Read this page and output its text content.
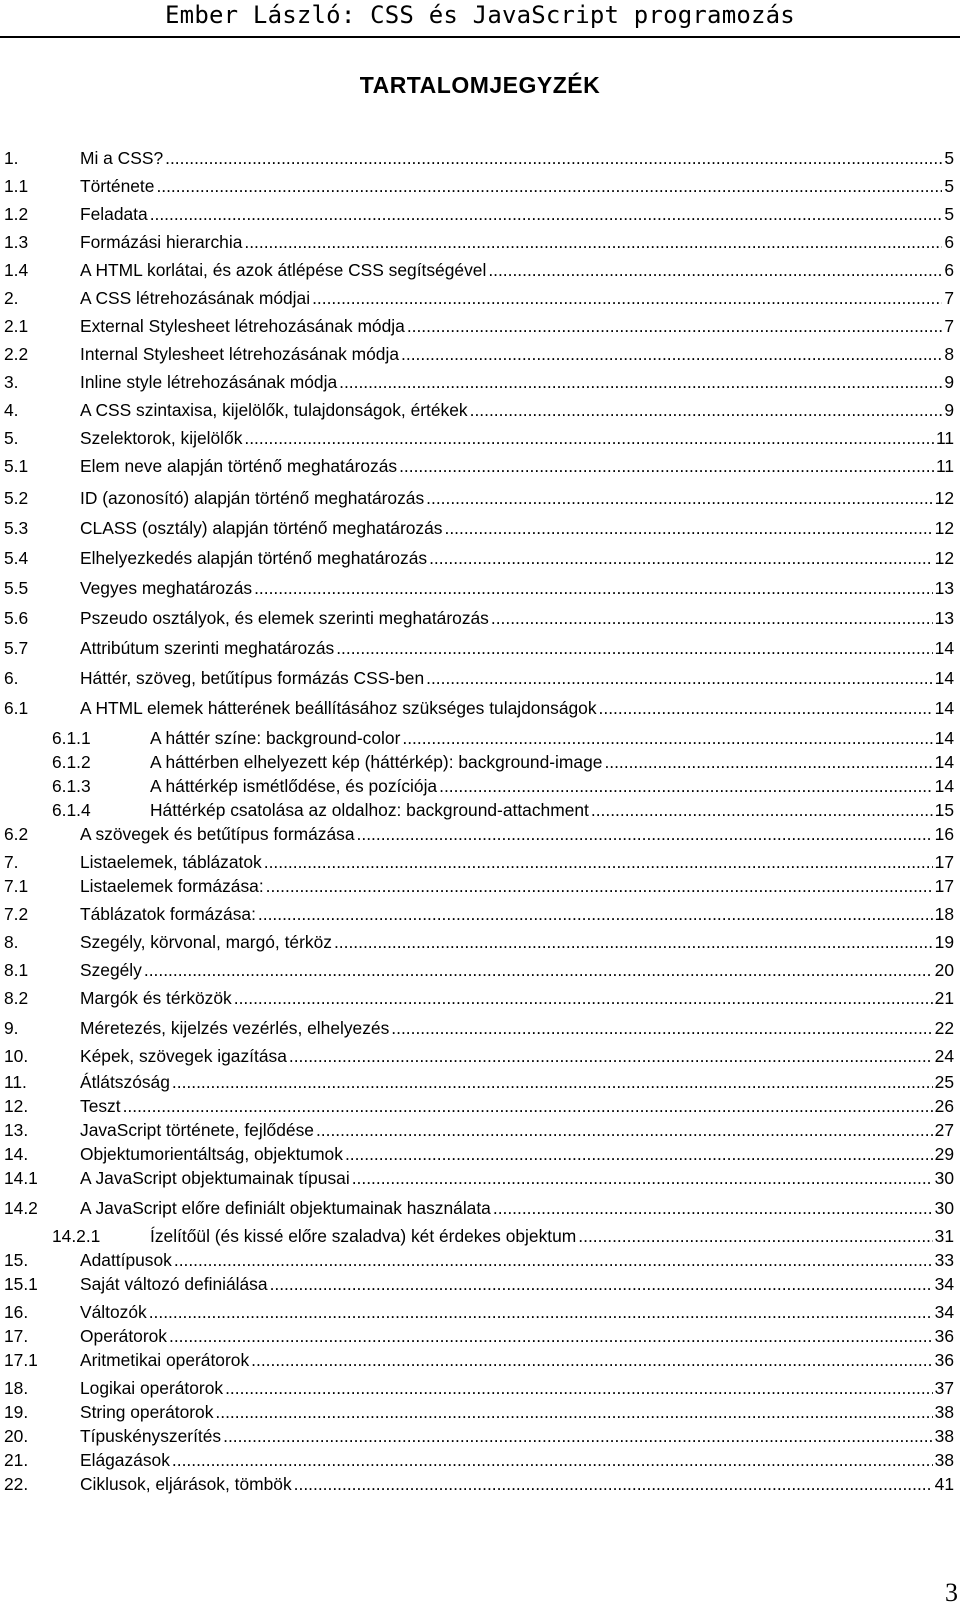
Ember László: CSS és JavaScript programozás
TARTALOMJEGYZÉK
1.	Mi a CSS? .....	5
1.1	Története .....	5
1.2	Feladata .....	5
1.3	Formázási hierarchia .....	6
1.4	A HTML korlátai, és azok átlépése CSS segítségével .....	6
2.	A CSS létrehozásának módjai .....	7
2.1	External Stylesheet létrehozásának módja .....	7
2.2	Internal Stylesheet létrehozásának módja .....	8
3.	Inline style létrehozásának módja .....	9
4.	A CSS szintaxisa, kijelölők, tulajdonságok, értékek .....	9
5.	Szelektorok, kijelölők .....	11
5.1	Elem neve alapján történő meghatározás .....	11
5.2	ID (azonosító) alapján történő meghatározás .....	12
5.3	CLASS (osztály) alapján történő meghatározás .....	12
5.4	Elhelyezkedés alapján történő meghatározás .....	12
5.5	Vegyes meghatározás .....	13
5.6	Pszeudo osztályok, és elemek szerinti meghatározás .....	13
5.7	Attribútum szerinti meghatározás .....	14
6.	Háttér, szöveg, betűtípus formázás CSS-ben .....	14
6.1	A HTML elemek hátterének beállításához szükséges tulajdonságok .....	14
6.1.1	A háttér színe: background-color .....	14
6.1.2	A háttérben elhelyezett kép (háttérkép): background-image .....	14
6.1.3	A háttérkép ismétlődése, és pozíciója .....	14
6.1.4	Háttérkép csatolása az oldalhoz: background-attachment .....	15
6.2	A szövegek és betűtípus formázása .....	16
7.	Listaelemek, táblázatok .....	17
7.1	Listaelemek formázása: .....	17
7.2	Táblázatok formázása: .....	18
8.	Szegély, körvonal, margó, térköz .....	19
8.1	Szegély .....	20
8.2	Margók és térközök .....	21
9.	Méretezés, kijelzés vezérlés, elhelyezés .....	22
10.	Képek, szövegek igazítása .....	24
11.	Átlátszóság .....	25
12.	Teszt .....	26
13.	JavaScript története, fejlődése .....	27
14.	Objektumorientáltság, objektumok .....	29
14.1 A JavaScript objektumainak típusai .....	30
14.2 A JavaScript előre definiált objektumainak használata .....	30
14.2.1	Ízelítőül (és kissé előre szaladva) két érdekes objektum .....	31
15.	Adattípusok .....	33
15.1 Saját változó definiálása .....	34
16.	Változók .....	34
17.	Operátorok .....	36
17.1 Aritmetikai operátorok .....	36
18.	Logikai operátorok .....	37
19.	String operátorok .....	38
20.	Típuskényszerítés .....	38
21.	Elágazások .....	38
22.	Ciklusok, eljárások, tömbök .....	41
3
